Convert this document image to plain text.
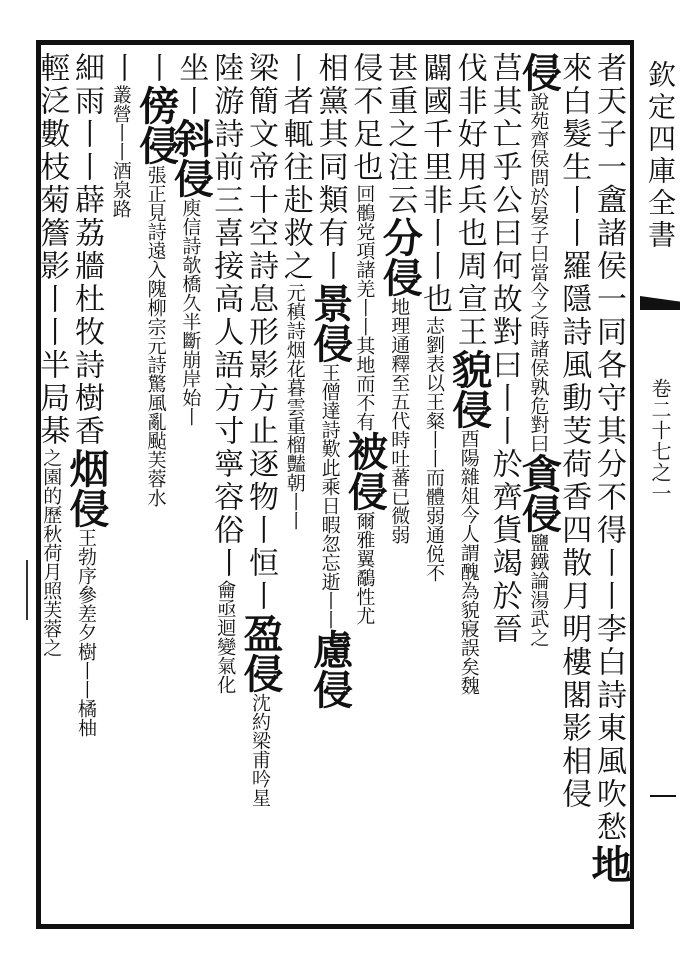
欽定四庫全書
卷二十七之一
者天子一盦諸侯一同各守其分不得丨丨李白詩東風吹愁地
來白髮生丨丨羅隱詩風動芰荷香四散月明樓閣影相侵
侵說苑齊侯問於晏子曰當今之時諸侯孰危對曰貪侵鹽鐵論湯武之
莒其亡乎公曰何故對曰丨丨於齊貨竭於晉
伐非好用兵也周宣王貌侵酉陽雜俎今人謂醜為貌寢誤矣魏
闢國千里非丨丨也志劉表以王粲丨丨而體弱通侻不
甚重之注云分侵地理通釋至五代時吐蕃已微弱
侵不足也回鶻党項諸羌丨丨其地而不有被侵爾雅翼鷸性尤
相黨其同類有丨景侵王僧達詩歎此乘日暇忽忘逝丨丨慮侵
丨者輒往赴救之元稹詩烟花暮雲重榴豔朝丨丨
梁簡文帝十空詩息形影方止逐物丨恒丨盈侵沈約梁甫吟星
陸游詩前三喜接高人語方寸寧容俗丨龠亟迴變氣化
坐丨斜侵庾信詩欹橋久半斷崩岸始丨
丨傍侵張正見詩遠入隗柳宗元詩驚風亂颭芙蓉水
丨叢營丨丨酒泉路
細雨丨丨薜荔牆杜牧詩樹香烟侵王勃序參差夕樹丨丨橘柚
輕泛數枝菊簷影丨丨半局棊之園的歷秋荷月照芙蓉之
